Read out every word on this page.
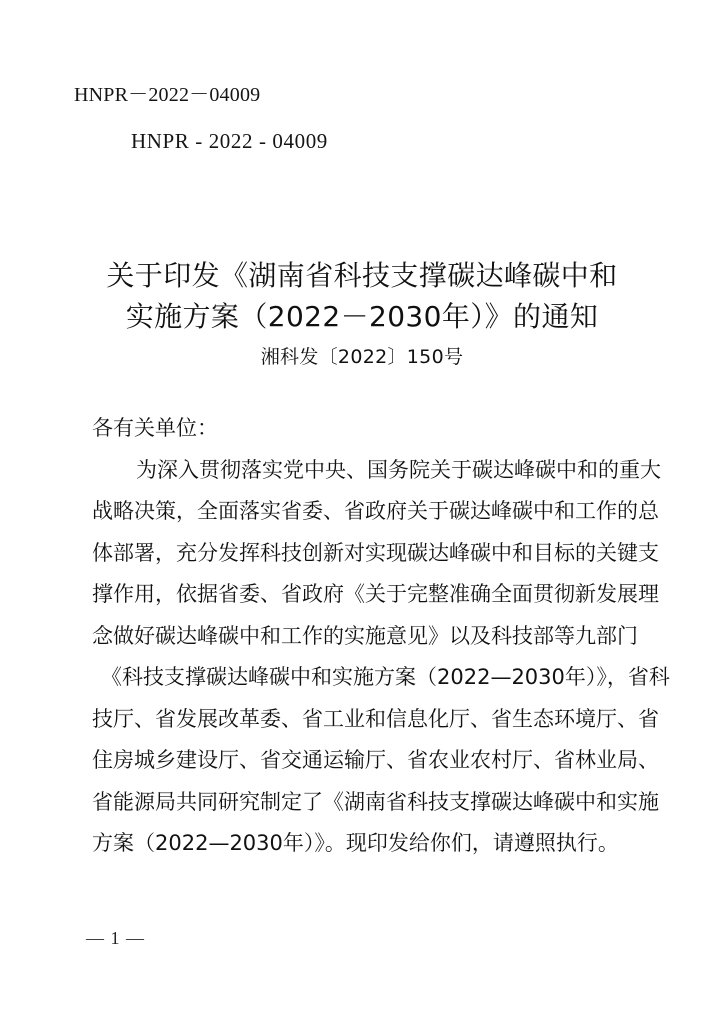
HNPR－2022－04009
HNPR - 2022 - 04009
关于印发《湖南省科技支撑碳达峰碳中和
实施方案（2022－2030年）》的通知
湘科发〔2022〕150号
各有关单位：
为深入贯彻落实党中央、国务院关于碳达峰碳中和的重大
战略决策，全面落实省委、省政府关于碳达峰碳中和工作的总
体部署，充分发挥科技创新对实现碳达峰碳中和目标的关键支
撑作用，依据省委、省政府《关于完整准确全面贯彻新发展理
念做好碳达峰碳中和工作的实施意见》以及科技部等九部门
《科技支撑碳达峰碳中和实施方案（2022—2030年）》，省科
技厅、省发展改革委、省工业和信息化厅、省生态环境厅、省
住房城乡建设厅、省交通运输厅、省农业农村厅、省林业局、
省能源局共同研究制定了《湖南省科技支撑碳达峰碳中和实施
方案（2022—2030年）》。现印发给你们，请遵照执行。
— 1 —
